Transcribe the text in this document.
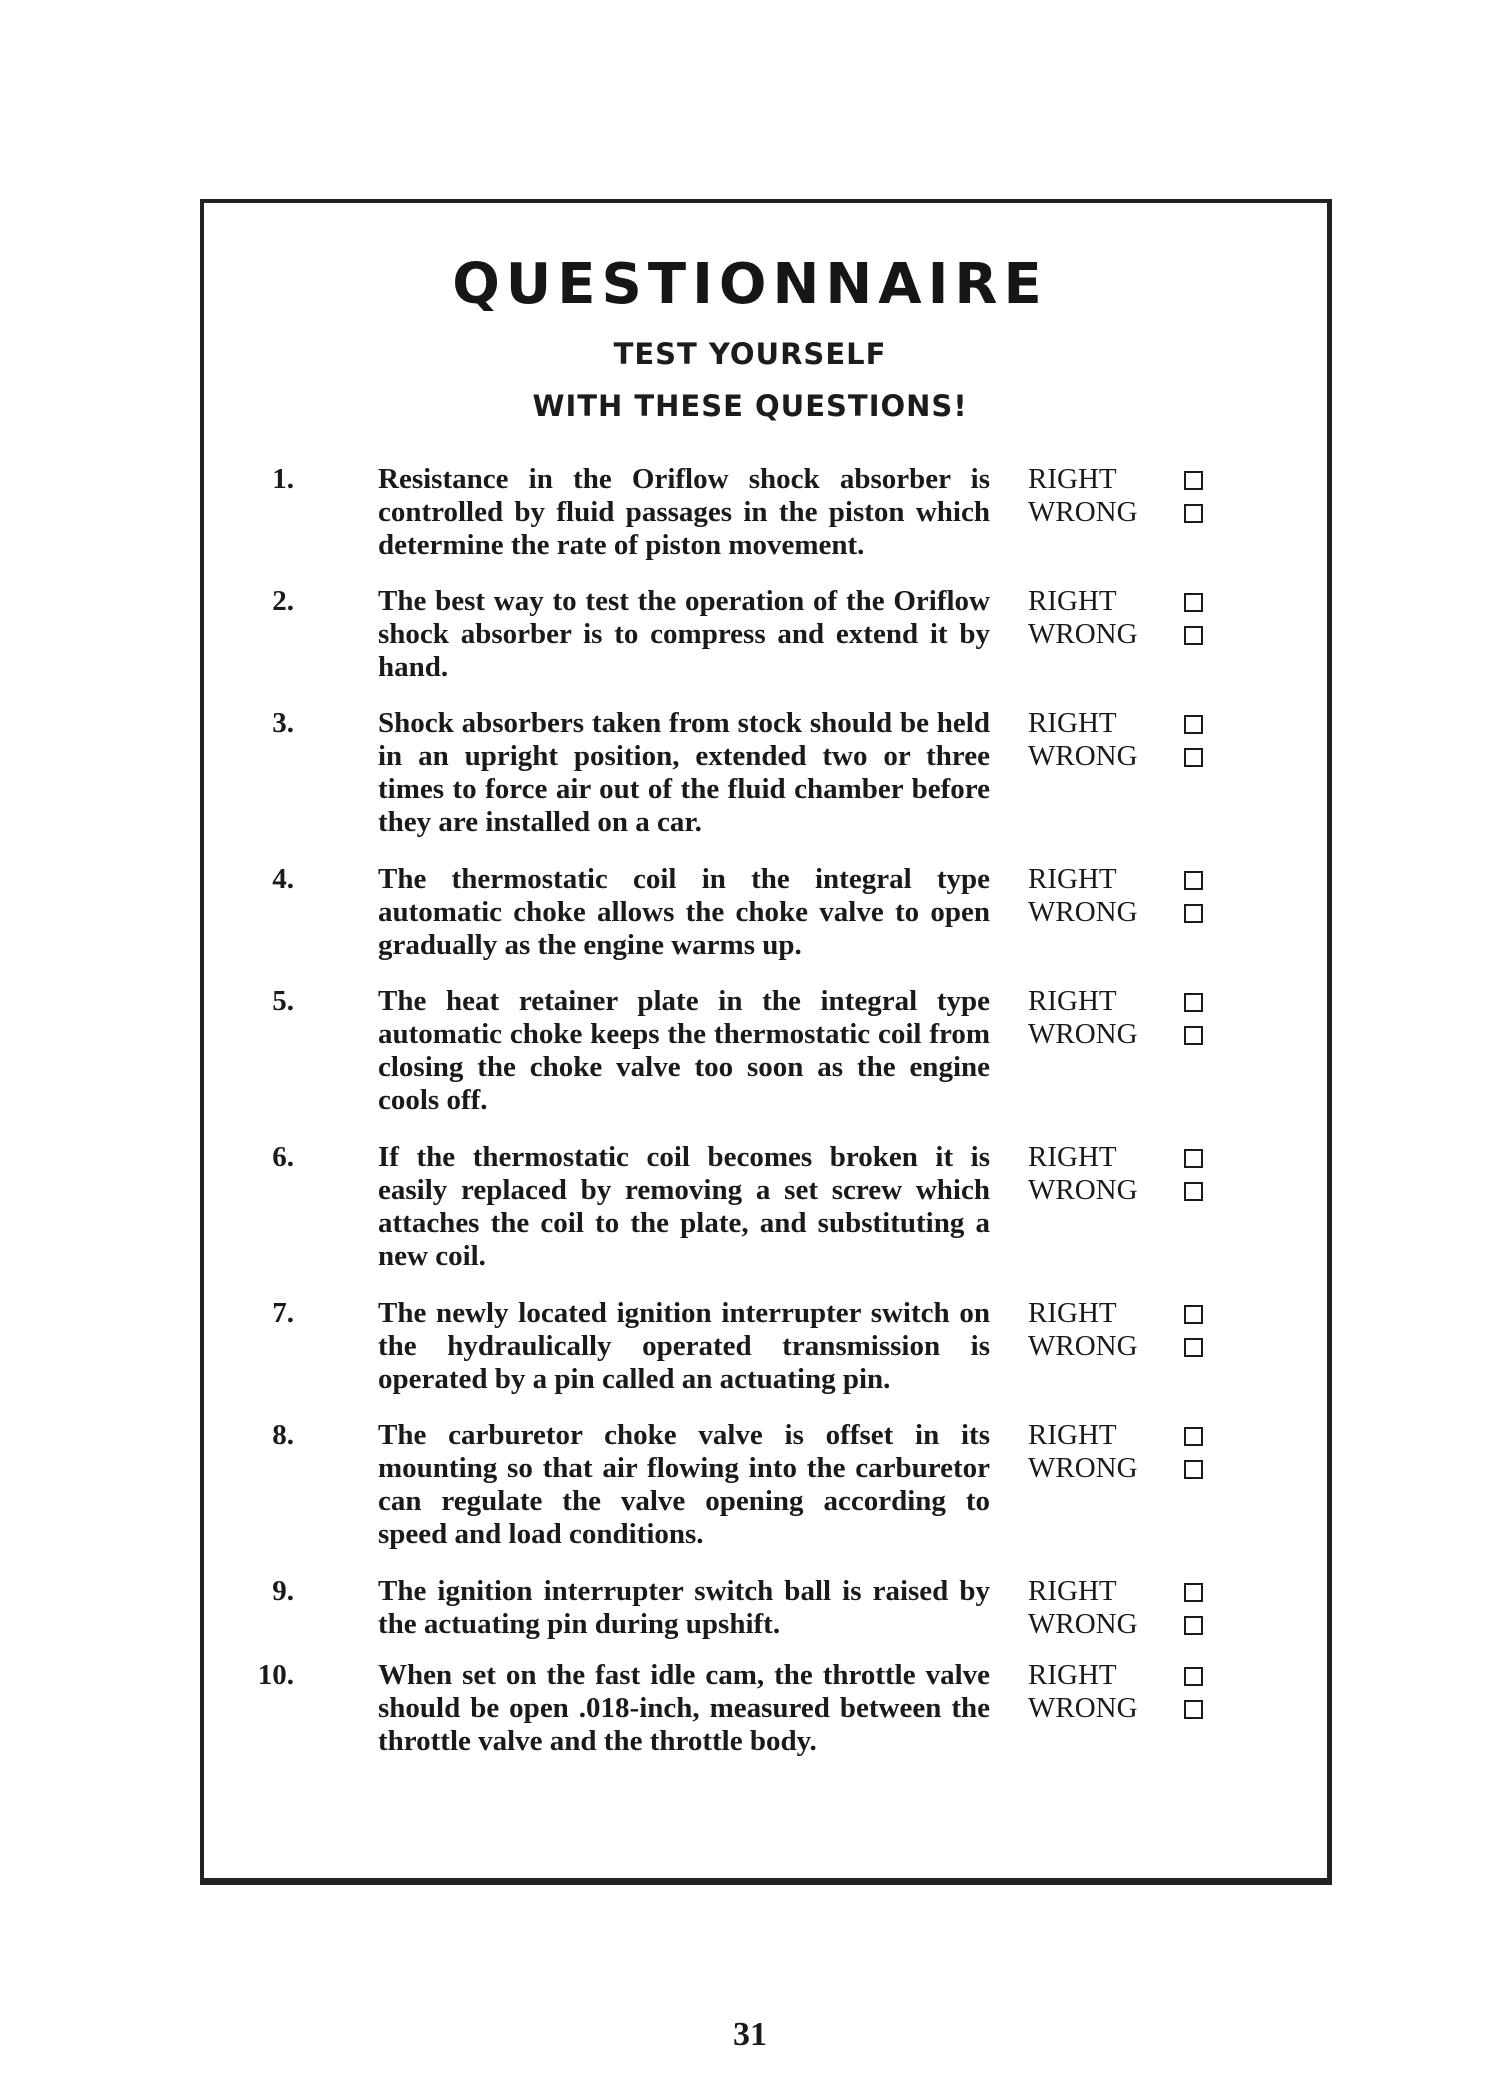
QUESTIONNAIRE
TEST YOURSELF
WITH THESE QUESTIONS!
1.	Resistance in the Oriflow shock absorber is controlled by fluid passages in the piston which determine the rate of piston movement.
RIGHT
WRONG
2.	The best way to test the operation of the Oriflow shock absorber is to compress and extend it by hand.
RIGHT
WRONG
3.	Shock absorbers taken from stock should be held in an upright position, extended two or three times to force air out of the fluid chamber before they are installed on a car.
RIGHT
WRONG
4.	The thermostatic coil in the integral type automatic choke allows the choke valve to open gradually as the engine warms up.
RIGHT
WRONG
5.	The heat retainer plate in the integral type automatic choke keeps the thermostatic coil from closing the choke valve too soon as the engine cools off.
RIGHT
WRONG
6.	If the thermostatic coil becomes broken it is easily replaced by removing a set screw which attaches the coil to the plate, and substituting a new coil.
RIGHT
WRONG
7.	The newly located ignition interrupter switch on the hydraulically operated transmission is operated by a pin called an actuating pin.
RIGHT
WRONG
8.	The carburetor choke valve is offset in its mounting so that air flowing into the carburetor can regulate the valve opening according to speed and load conditions.
RIGHT
WRONG
9.	The ignition interrupter switch ball is raised by the actuating pin during upshift.
RIGHT
WRONG
10.	When set on the fast idle cam, the throttle valve should be open .018-inch, measured between the throttle valve and the throttle body.
RIGHT
WRONG
31
